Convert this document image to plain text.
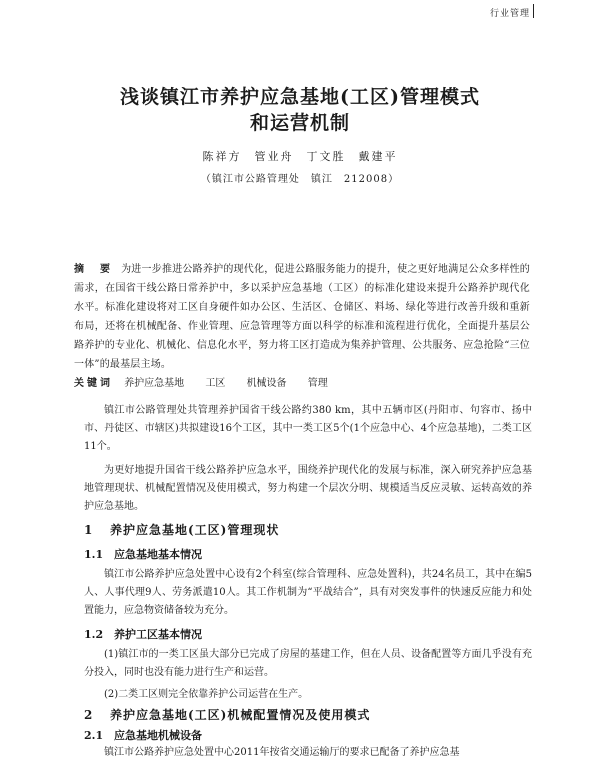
行业管理
浅谈镇江市养护应急基地(工区)管理模式
和运营机制
陈祥方　管业舟　丁文胜　戴建平
（镇江市公路管理处　镇江　212008）
摘　要 为进一步推进公路养护的现代化，促进公路服务能力的提升，使之更好地满足公众多样性的需求，在国省干线公路日常养护中，多以采护应急基地（工区）的标准化建设来提升公路养护现代化水平。标准化建设将对工区自身硬件如办公区、生活区、仓储区、料场、绿化等进行改善升级和重新布局，还将在机械配备、作业管理、应急管理等方面以科学的标准和流程进行优化，全面提升基层公路养护的专业化、机械化、信息化水平，努力将工区打造成为集养护管理、公共服务、应急抢险“三位一体”的最基层主场。
关键词 养护应急基地 工区 机械设备 管理
镇江市公路管理处共管理养护国省干线公路约380 km，其中五辆市区(丹阳市、句容市、扬中市、丹徒区、市辖区)共拟建设16个工区，其中一类工区5个(1个应急中心、4个应急基地)，二类工区11个。
为更好地提升国省干线公路养护应急水平，围绕养护现代化的发展与标准，深入研究养护应急基地管理现状、机械配置情况及使用模式，努力构建一个层次分明、规模适当反应灵敏、运转高效的养护应急基地。
1 养护应急基地(工区)管理现状
1.1 应急基地基本情况
镇江市公路养护应急处置中心设有2个科室(综合管理科、应急处置科)，共24名员工，其中在编5人、人事代理9人、劳务派遣10人。其工作机制为“平战结合”，具有对突发事件的快速反应能力和处置能力，应急物资储备较为充分。
1.2 养护工区基本情况
(1)镇江市的一类工区虽大部分已完成了房屋的基建工作，但在人员、设备配置等方面几乎没有充分投入，同时也没有能力进行生产和运营。
(2)二类工区则完全依靠养护公司运营在生产。
2 养护应急基地(工区)机械配置情况及使用模式
2.1 应急基地机械设备
镇江市公路养护应急处置中心2011年按省交通运输厅的要求已配备了养护应急基
